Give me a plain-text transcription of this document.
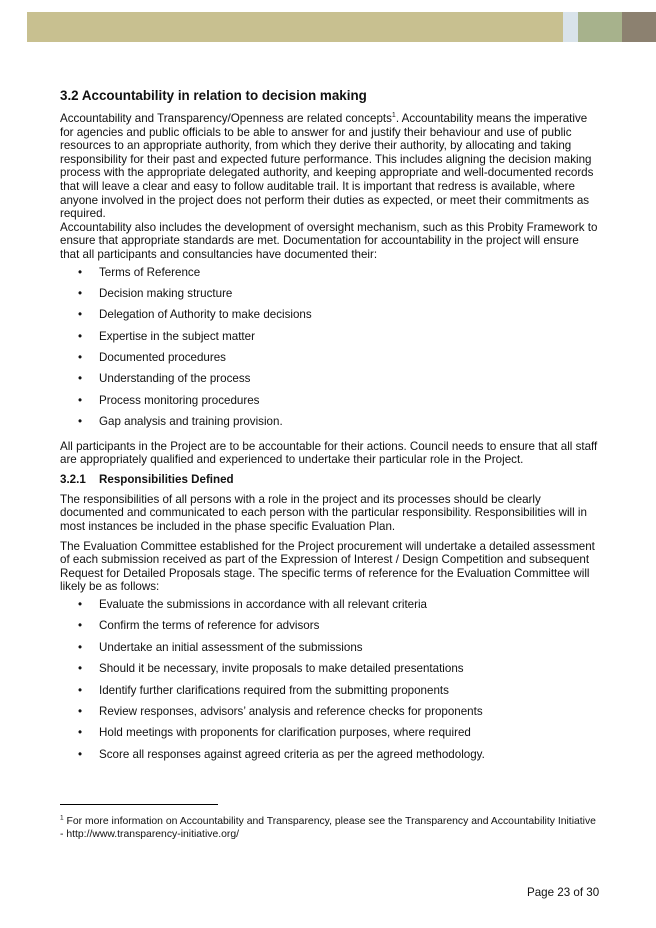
3.2 Accountability in relation to decision making

Accountability and Transparency/Openness are related concepts$^1$. Accountability means the imperative for agencies and public officials to be able to answer for and justify their behaviour and use of public resources to an appropriate authority, from which they derive their authority, by allocating and taking responsibility for their past and expected future performance. This includes aligning the decision making process with the appropriate delegated authority, and keeping appropriate and well-documented records that will leave a clear and easy to follow auditable trail. It is important that redress is available, where anyone involved in the project does not perform their duties as expected, or meet their commitments as required.

Accountability also includes the development of oversight mechanism, such as this Probity Framework to ensure that appropriate standards are met. Documentation for accountability in the project will ensure that all participants and consultancies have documented their:

• Terms of Reference
• Decision making structure
• Delegation of Authority to make decisions
• Expertise in the subject matter
• Documented procedures
• Understanding of the process
• Process monitoring procedures
• Gap analysis and training provision.

All participants in the Project are to be accountable for their actions. Council needs to ensure that all staff are appropriately qualified and experienced to undertake their particular role in the Project.

3.2.1 Responsibilities Defined

The responsibilities of all persons with a role in the project and its processes should be clearly documented and communicated to each person with the particular responsibility. Responsibilities will in most instances be included in the phase specific Evaluation Plan.

The Evaluation Committee established for the Project procurement will undertake a detailed assessment of each submission received as part of the Expression of Interest / Design Competition and subsequent Request for Detailed Proposals stage. The specific terms of reference for the Evaluation Committee will likely be as follows:

• Evaluate the submissions in accordance with all relevant criteria
• Confirm the terms of reference for advisors
• Undertake an initial assessment of the submissions
• Should it be necessary, invite proposals to make detailed presentations
• Identify further clarifications required from the submitting proponents
• Review responses, advisors’ analysis and reference checks for proponents
• Hold meetings with proponents for clarification purposes, where required
• Score all responses against agreed criteria as per the agreed methodology.
$^1$ For more information on Accountability and Transparency, please see the Transparency and Accountability Initiative - http://www.transparency-initiative.org/
Page 23 of 30
